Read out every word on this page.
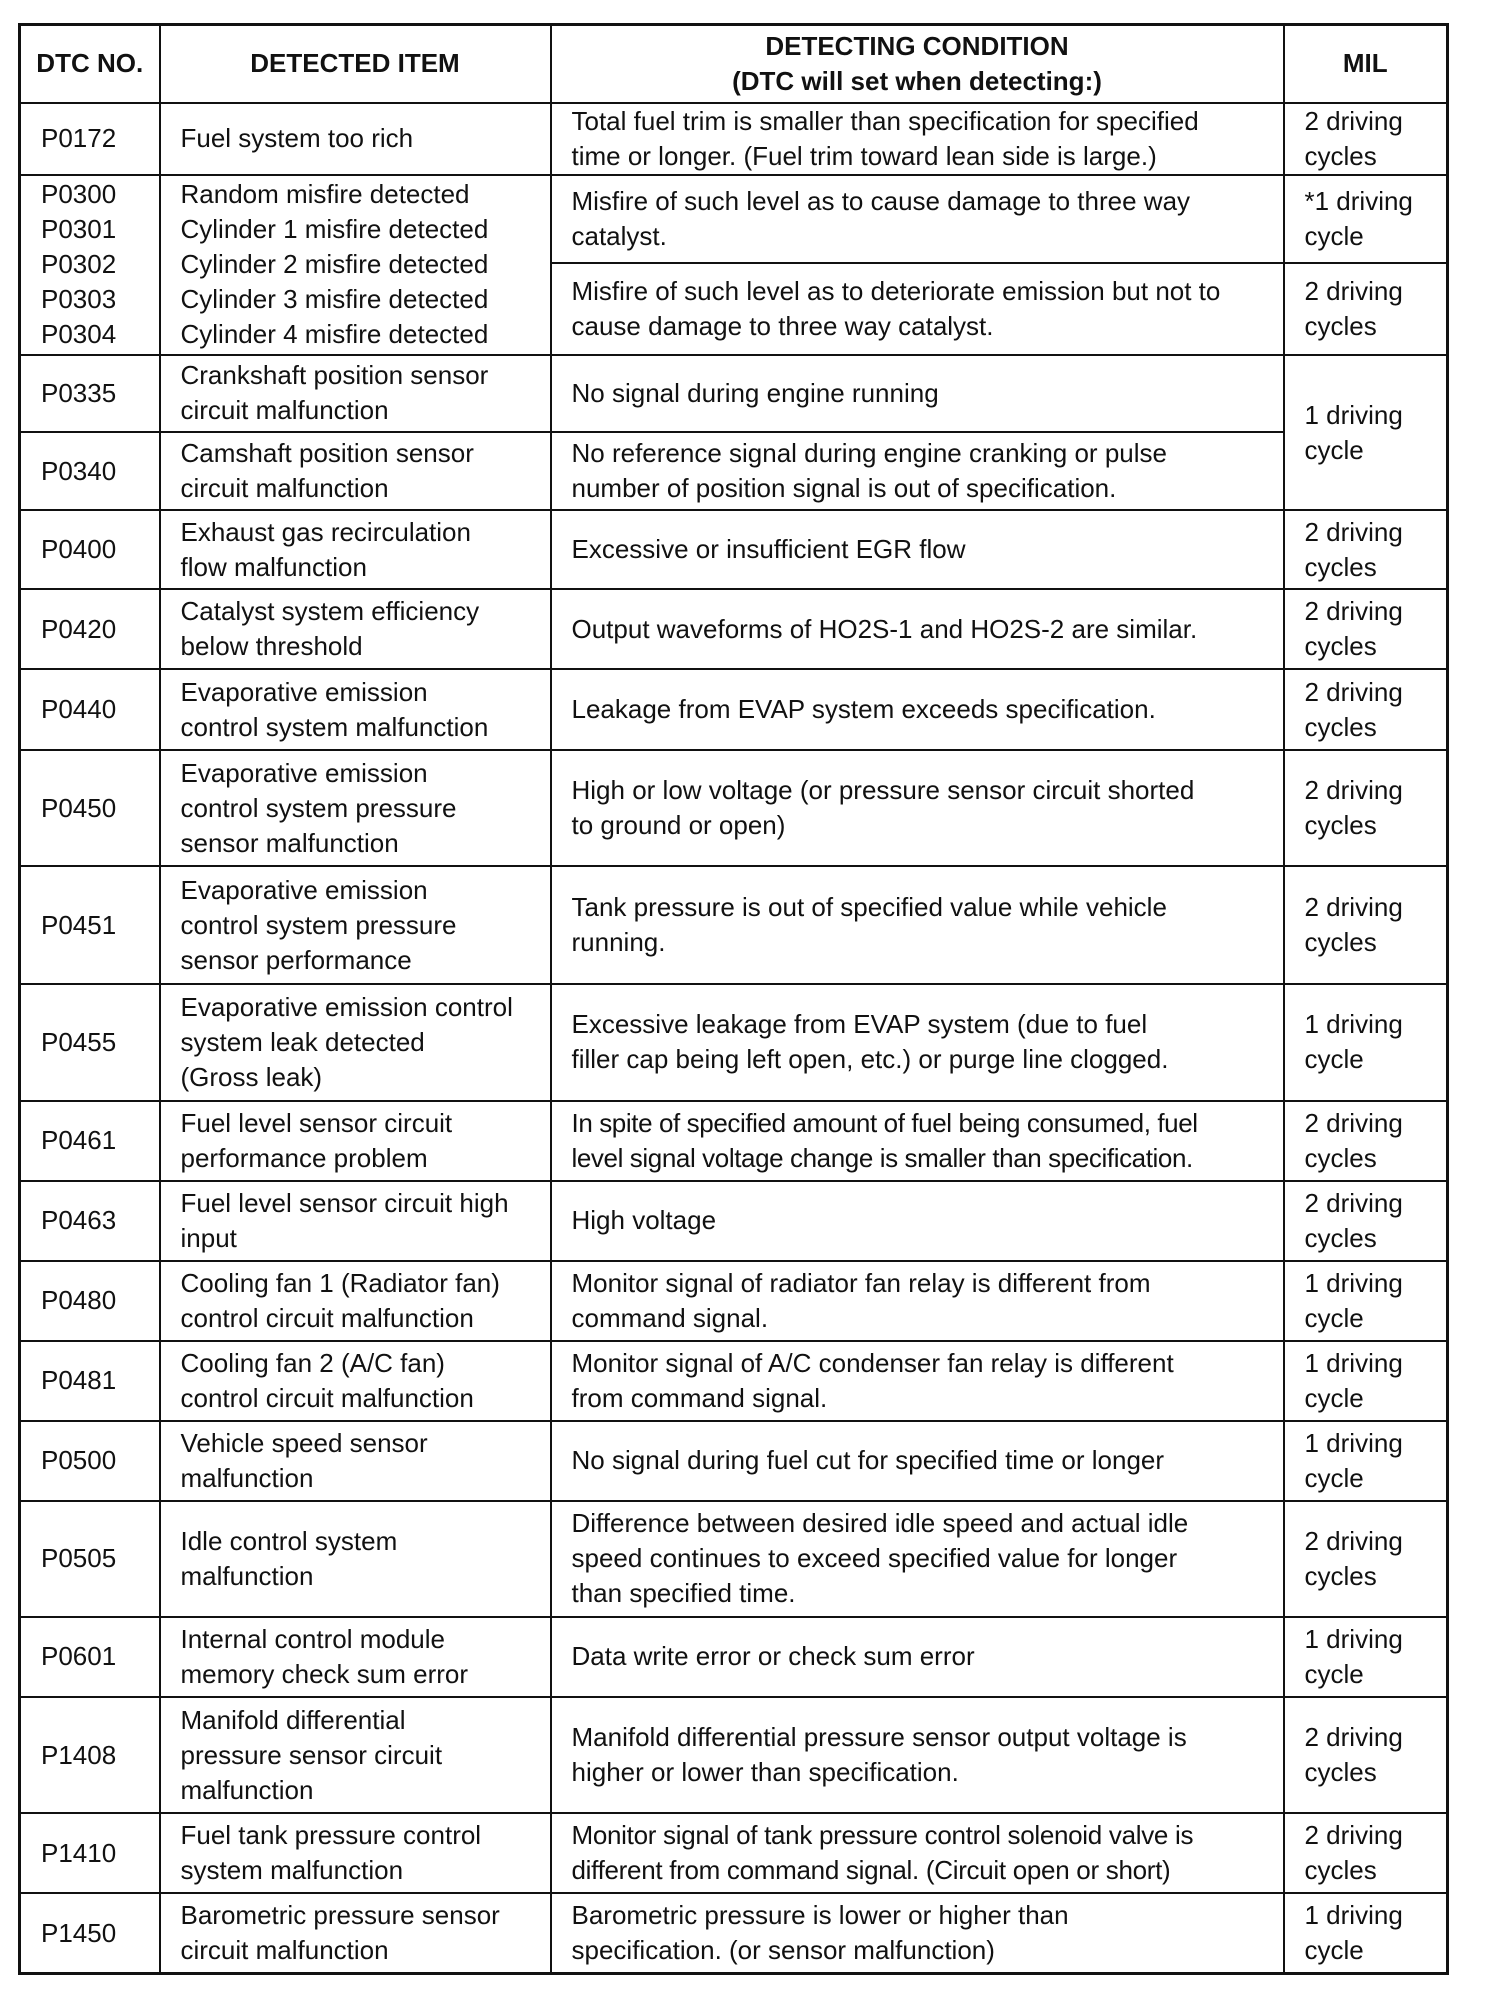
DTC NO.	DETECTED ITEM	DETECTING CONDITION
(DTC will set when detecting:)	MIL

P0172	Fuel system too rich	Total fuel trim is smaller than specification for specified
time or longer. (Fuel trim toward lean side is large.)	2 driving
cycles

P0300
P0301
P0302
P0303
P0304	Random misfire detected
Cylinder 1 misfire detected
Cylinder 2 misfire detected
Cylinder 3 misfire detected
Cylinder 4 misfire detected	Misfire of such level as to cause damage to three way
catalyst.	*1 driving
cycle

		Misfire of such level as to deteriorate emission but not to
cause damage to three way catalyst.	2 driving
cycles

P0335	Crankshaft position sensor
circuit malfunction	No signal during engine running	1 driving
cycle

P0340	Camshaft position sensor
circuit malfunction	No reference signal during engine cranking or pulse
number of position signal is out of specification.	

P0400	Exhaust gas recirculation
flow malfunction	Excessive or insufficient EGR flow	2 driving
cycles

P0420	Catalyst system efficiency
below threshold	Output waveforms of HO2S-1 and HO2S-2 are similar.	2 driving
cycles

P0440	Evaporative emission
control system malfunction	Leakage from EVAP system exceeds specification.	2 driving
cycles

P0450	Evaporative emission
control system pressure
sensor malfunction	High or low voltage (or pressure sensor circuit shorted
to ground or open)	2 driving
cycles

P0451	Evaporative emission
control system pressure
sensor performance	Tank pressure is out of specified value while vehicle
running.	2 driving
cycles

P0455	Evaporative emission control
system leak detected
(Gross leak)	Excessive leakage from EVAP system (due to fuel
filler cap being left open, etc.) or purge line clogged.	1 driving
cycle

P0461	Fuel level sensor circuit
performance problem	In spite of specified amount of fuel being consumed, fuel
level signal voltage change is smaller than specification.	2 driving
cycles

P0463	Fuel level sensor circuit high
input	High voltage	2 driving
cycles

P0480	Cooling fan 1 (Radiator fan)
control circuit malfunction	Monitor signal of radiator fan relay is different from
command signal.	1 driving
cycle

P0481	Cooling fan 2 (A/C fan)
control circuit malfunction	Monitor signal of A/C condenser fan relay is different
from command signal.	1 driving
cycle

P0500	Vehicle speed sensor
malfunction	No signal during fuel cut for specified time or longer	1 driving
cycle

P0505	Idle control system
malfunction	Difference between desired idle speed and actual idle
speed continues to exceed specified value for longer
than specified time.	2 driving
cycles

P0601	Internal control module
memory check sum error	Data write error or check sum error	1 driving
cycle

P1408	Manifold differential
pressure sensor circuit
malfunction	Manifold differential pressure sensor output voltage is
higher or lower than specification.	2 driving
cycles

P1410	Fuel tank pressure control
system malfunction	Monitor signal of tank pressure control solenoid valve is
different from command signal. (Circuit open or short)	2 driving
cycles

P1450	Barometric pressure sensor
circuit malfunction	Barometric pressure is lower or higher than
specification. (or sensor malfunction)	1 driving
cycle
